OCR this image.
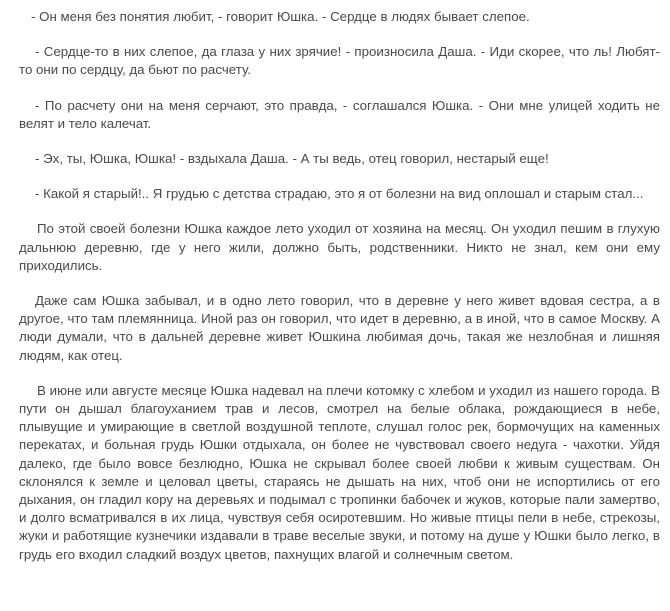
- Он меня без понятия любит, - говорит Юшка. - Сердце в людях бывает слепое.

- Сердце-то в них слепое, да глаза у них зрячие! - произносила Даша. - Иди скорее, что ль! Любят-то они по сердцу, да бьют по расчету.

- По расчету они на меня серчают, это правда, - соглашался Юшка. - Они мне улицей ходить не велят и тело калечат.

- Эх, ты, Юшка, Юшка! - вздыхала Даша. - А ты ведь, отец говорил, нестарый еще!

- Какой я старый!.. Я грудью с детства страдаю, это я от болезни на вид оплошал и старым стал...

По этой своей болезни Юшка каждое лето уходил от хозяина на месяц. Он уходил пешим в глухую дальнюю деревню, где у него жили, должно быть, родственники. Никто не знал, кем они ему приходились.

Даже сам Юшка забывал, и в одно лето говорил, что в деревне у него живет вдовая сестра, а в другое, что там племянница. Иной раз он говорил, что идет в деревню, а в иной, что в самое Москву. А люди думали, что в дальней деревне живет Юшкина любимая дочь, такая же незлобная и лишняя людям, как отец.

В июне или августе месяце Юшка надевал на плечи котомку с хлебом и уходил из нашего города. В пути он дышал благоуханием трав и лесов, смотрел на белые облака, рождающиеся в небе, плывущие и умирающие в светлой воздушной теплоте, слушал голос рек, бормочущих на каменных перекатах, и больная грудь Юшки отдыхала, он более не чувствовал своего недуга - чахотки. Уйдя далеко, где было вовсе безлюдно, Юшка не скрывал более своей любви к живым существам. Он склонялся к земле и целовал цветы, стараясь не дышать на них, чтоб они не испортились от его дыхания, он гладил кору на деревьях и подымал с тропинки бабочек и жуков, которые пали замертво, и долго всматривался в их лица, чувствуя себя осиротевшим. Но живые птицы пели в небе, стрекозы, жуки и работящие кузнечики издавали в траве веселые звуки, и потому на душе у Юшки было легко, в грудь его входил сладкий воздух цветов, пахнущих влагой и солнечным светом.
